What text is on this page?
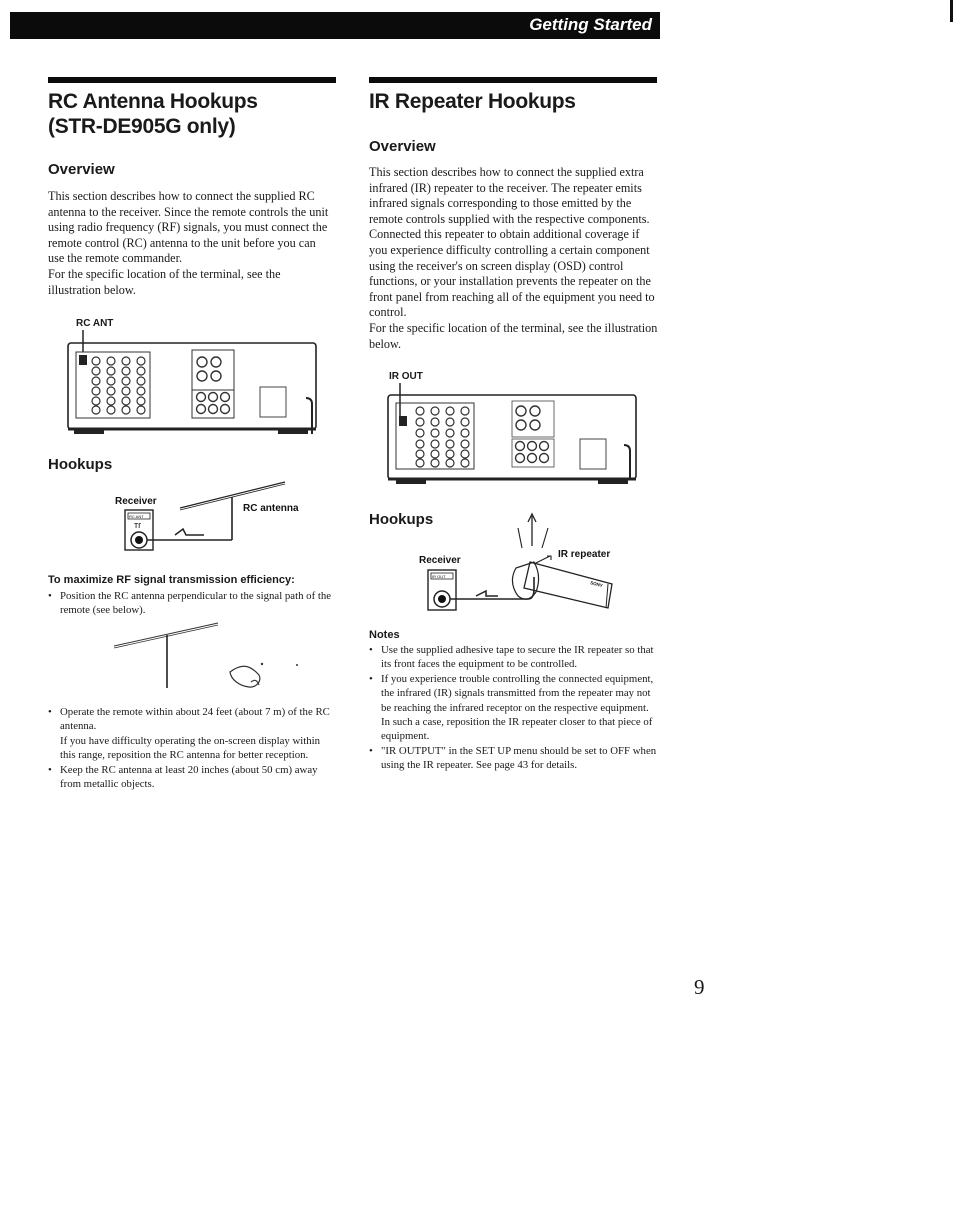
Getting Started
RC Antenna Hookups
(STR-DE905G only)
Overview
This section describes how to connect the supplied RC antenna to the receiver. Since the remote controls the unit using radio frequency (RF) signals, you must connect the remote control (RC) antenna to the unit before you can use the remote commander.
For the specific location of the terminal, see the illustration below.
RC ANT
Hookups
Receiver
RC ANT
ᴛr
RC antenna
To maximize RF signal transmission efficiency:
• Position the RC antenna perpendicular to the signal path of the remote (see below).
• Operate the remote within about 24 feet (about 7 m) of the RC antenna.
If you have difficulty operating the on-screen display within this range, reposition the RC antenna for better reception.
• Keep the RC antenna at least 20 inches (about 50 cm) away from metallic objects.
IR Repeater Hookups
Overview
This section describes how to connect the supplied extra infrared (IR) repeater to the receiver. The repeater emits infrared signals corresponding to those emitted by the remote controls supplied with the respective components. Connected this repeater to obtain additional coverage if you experience difficulty controlling a certain component using the receiver's on screen display (OSD) control functions, or your installation prevents the repeater on the front panel from reaching all of the equipment you need to control.
For the specific location of the terminal, see the illustration below.
IR OUT
Hookups
Receiver
IR OUT
SONY
IR repeater
Notes
• Use the supplied adhesive tape to secure the IR repeater so that its front faces the equipment to be controlled.
• If you experience trouble controlling the connected equipment, the infrared (IR) signals transmitted from the repeater may not be reaching the infrared receptor on the respective equipment. In such a case, reposition the IR repeater closer to that piece of equipment.
• "IR OUTPUT" in the SET UP menu should be set to OFF when using the IR repeater. See page 43 for details.
9
